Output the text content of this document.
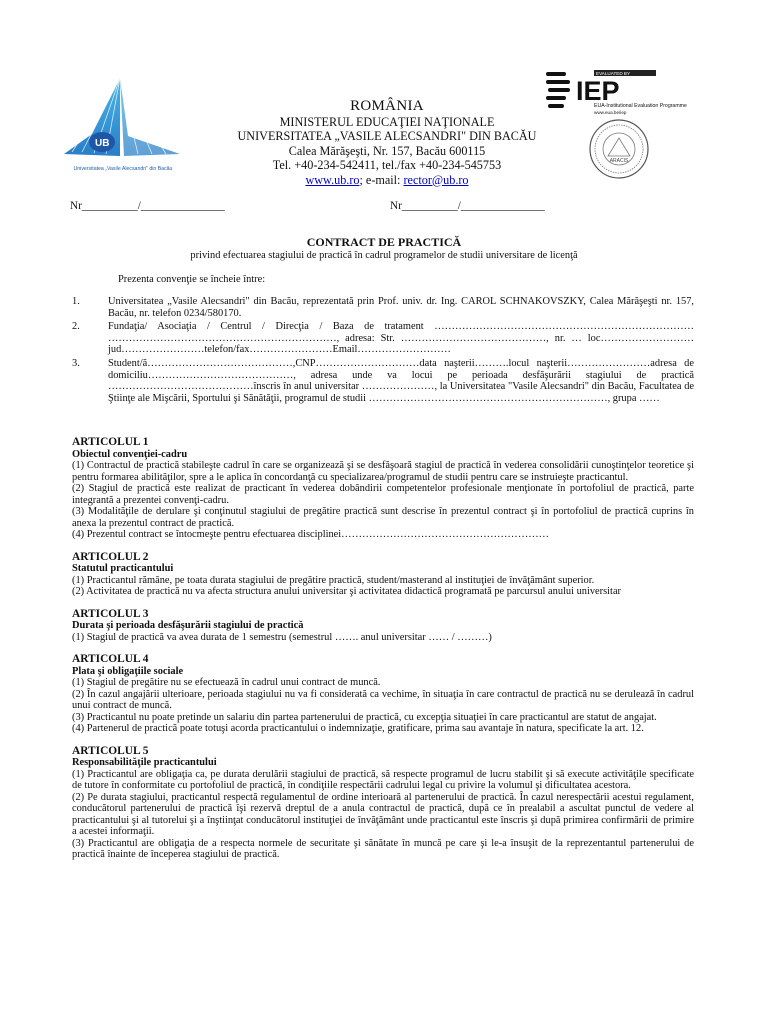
UB
Universitatea „Vasile Alecsandri" din Bacău
EVALUATED BY
IEP
EUA-Institutional Evaluation Programme
www.eua.be/iep
ARACIS
ROMÂNIA
MINISTERUL EDUCAŢIEI NAŢIONALE
UNIVERSITATEA „VASILE ALECSANDRI" DIN BACĂU
Calea Mărăşeşti, Nr. 157, Bacău 600115
Tel. +40-234-542411, tel./fax +40-234-545753
www.ub.ro; e-mail: rector@ub.ro
Nr__________/_______________	Nr__________/_______________
CONTRACT DE PRACTICĂ
privind efectuarea stagiului de practică în cadrul programelor de studii universitare de licenţă
Prezenta convenţie se încheie între:
1.	Universitatea „Vasile Alecsandri" din Bacău, reprezentată prin Prof. univ. dr. Ing. CAROL SCHNAKOVSZKY, Calea Mărăşeşti nr. 157, Bacău, nr. telefon 0234/580170.
2.	Fundaţia/ Asociaţia / Centrul / Direcţia / Baza de tratament ………………………………………………………………… …………………………………………………………, adresa: Str. ……………………………………, nr. … loc………………………jud……………………telefon/fax……………………Email………………………
3.	Student/ă……………………………………,CNP…………………………data naşterii……….locul naşterii……………………adresa de domiciliu……………………………………, adresa unde va locui pe perioada desfăşurării stagiului de practică ……………………………………înscris în anul universitar …………………, la Universitatea "Vasile Alecsandri" din Bacău, Facultatea de Ştiinţe ale Mişcării, Sportului şi Sănătăţii, programul de studii ……………………………………………………………, grupa ……
ARTICOLUL 1
Obiectul convenţiei-cadru

(1) Contractul de practică stabileşte cadrul în care se organizează şi se desfăşoară stagiul de practică în vederea consolidării cunoştinţelor teoretice şi pentru formarea abilităţilor, spre a le aplica în concordanţă cu specializarea/programul de studii pentru care se instruieşte practicantul.

(2) Stagiul de practică este realizat de practicant în vederea dobândirii competentelor profesionale menţionate în portofoliul de practică, parte integrantă a prezentei convenţi-cadru.

(3) Modalităţile de derulare şi conţinutul stagiului de pregătire practică sunt descrise în prezentul contract şi în portofoliul de practică cuprins în anexa la prezentul contract de practică.

(4) Prezentul contract se întocmeşte pentru efectuarea disciplinei……………………………………………………

ARTICOLUL 2
Statutul practicantului

(1) Practicantul rămâne, pe toata durata stagiului de pregătire practică, student/masterand al instituţiei de învăţământ superior.

(2) Activitatea de practică nu va afecta structura anului universitar şi activitatea didactică programată pe parcursul anului universitar

ARTICOLUL 3
Durata şi perioada desfăşurării stagiului de practică

(1) Stagiul de practică va avea durata de 1 semestru (semestrul ……. anul universitar …… / ………)

ARTICOLUL 4
Plata şi obligaţiile sociale

(1) Stagiul de pregătire nu se efectuează în cadrul unui contract de muncă.

(2) În cazul angajării ulterioare, perioada stagiului nu va fi considerată ca vechime, în situaţia în care contractul de practică nu se derulează în cadrul unui contract de muncă.

(3) Practicantul nu poate pretinde un salariu din partea partenerului de practică, cu excepţia situaţiei în care practicantul are statut de angajat.

(4) Partenerul de practică poate totuşi acorda practicantului o indemnizaţie, gratificare, prima sau avantaje în natura, specificate la art. 12.

ARTICOLUL 5
Responsabilităţile practicantului

(1) Practicantul are obligaţia ca, pe durata derulării stagiului de practică, să respecte programul de lucru stabilit şi să execute activităţile specificate de tutore în conformitate cu portofoliul de practică, în condiţiile respectării cadrului legal cu privire la volumul şi dificultatea acestora.

(2) Pe durata stagiului, practicantul respectă regulamentul de ordine interioară al partenerului de practică. În cazul nerespectării acestui regulament, conducătorul partenerului de practică îşi rezervă dreptul de a anula contractul de practică, după ce în prealabil a ascultat punctul de vedere al practicantului şi al tutorelui şi a înştiinţat conducătorul instituţiei de învăţământ unde practicantul este înscris şi după primirea confirmării de primire a acestei informaţii.

(3) Practicantul are obligaţia de a respecta normele de securitate şi sănătate în muncă pe care şi le-a însuşit de la reprezentantul partenerului de practică înainte de începerea stagiului de practică.
